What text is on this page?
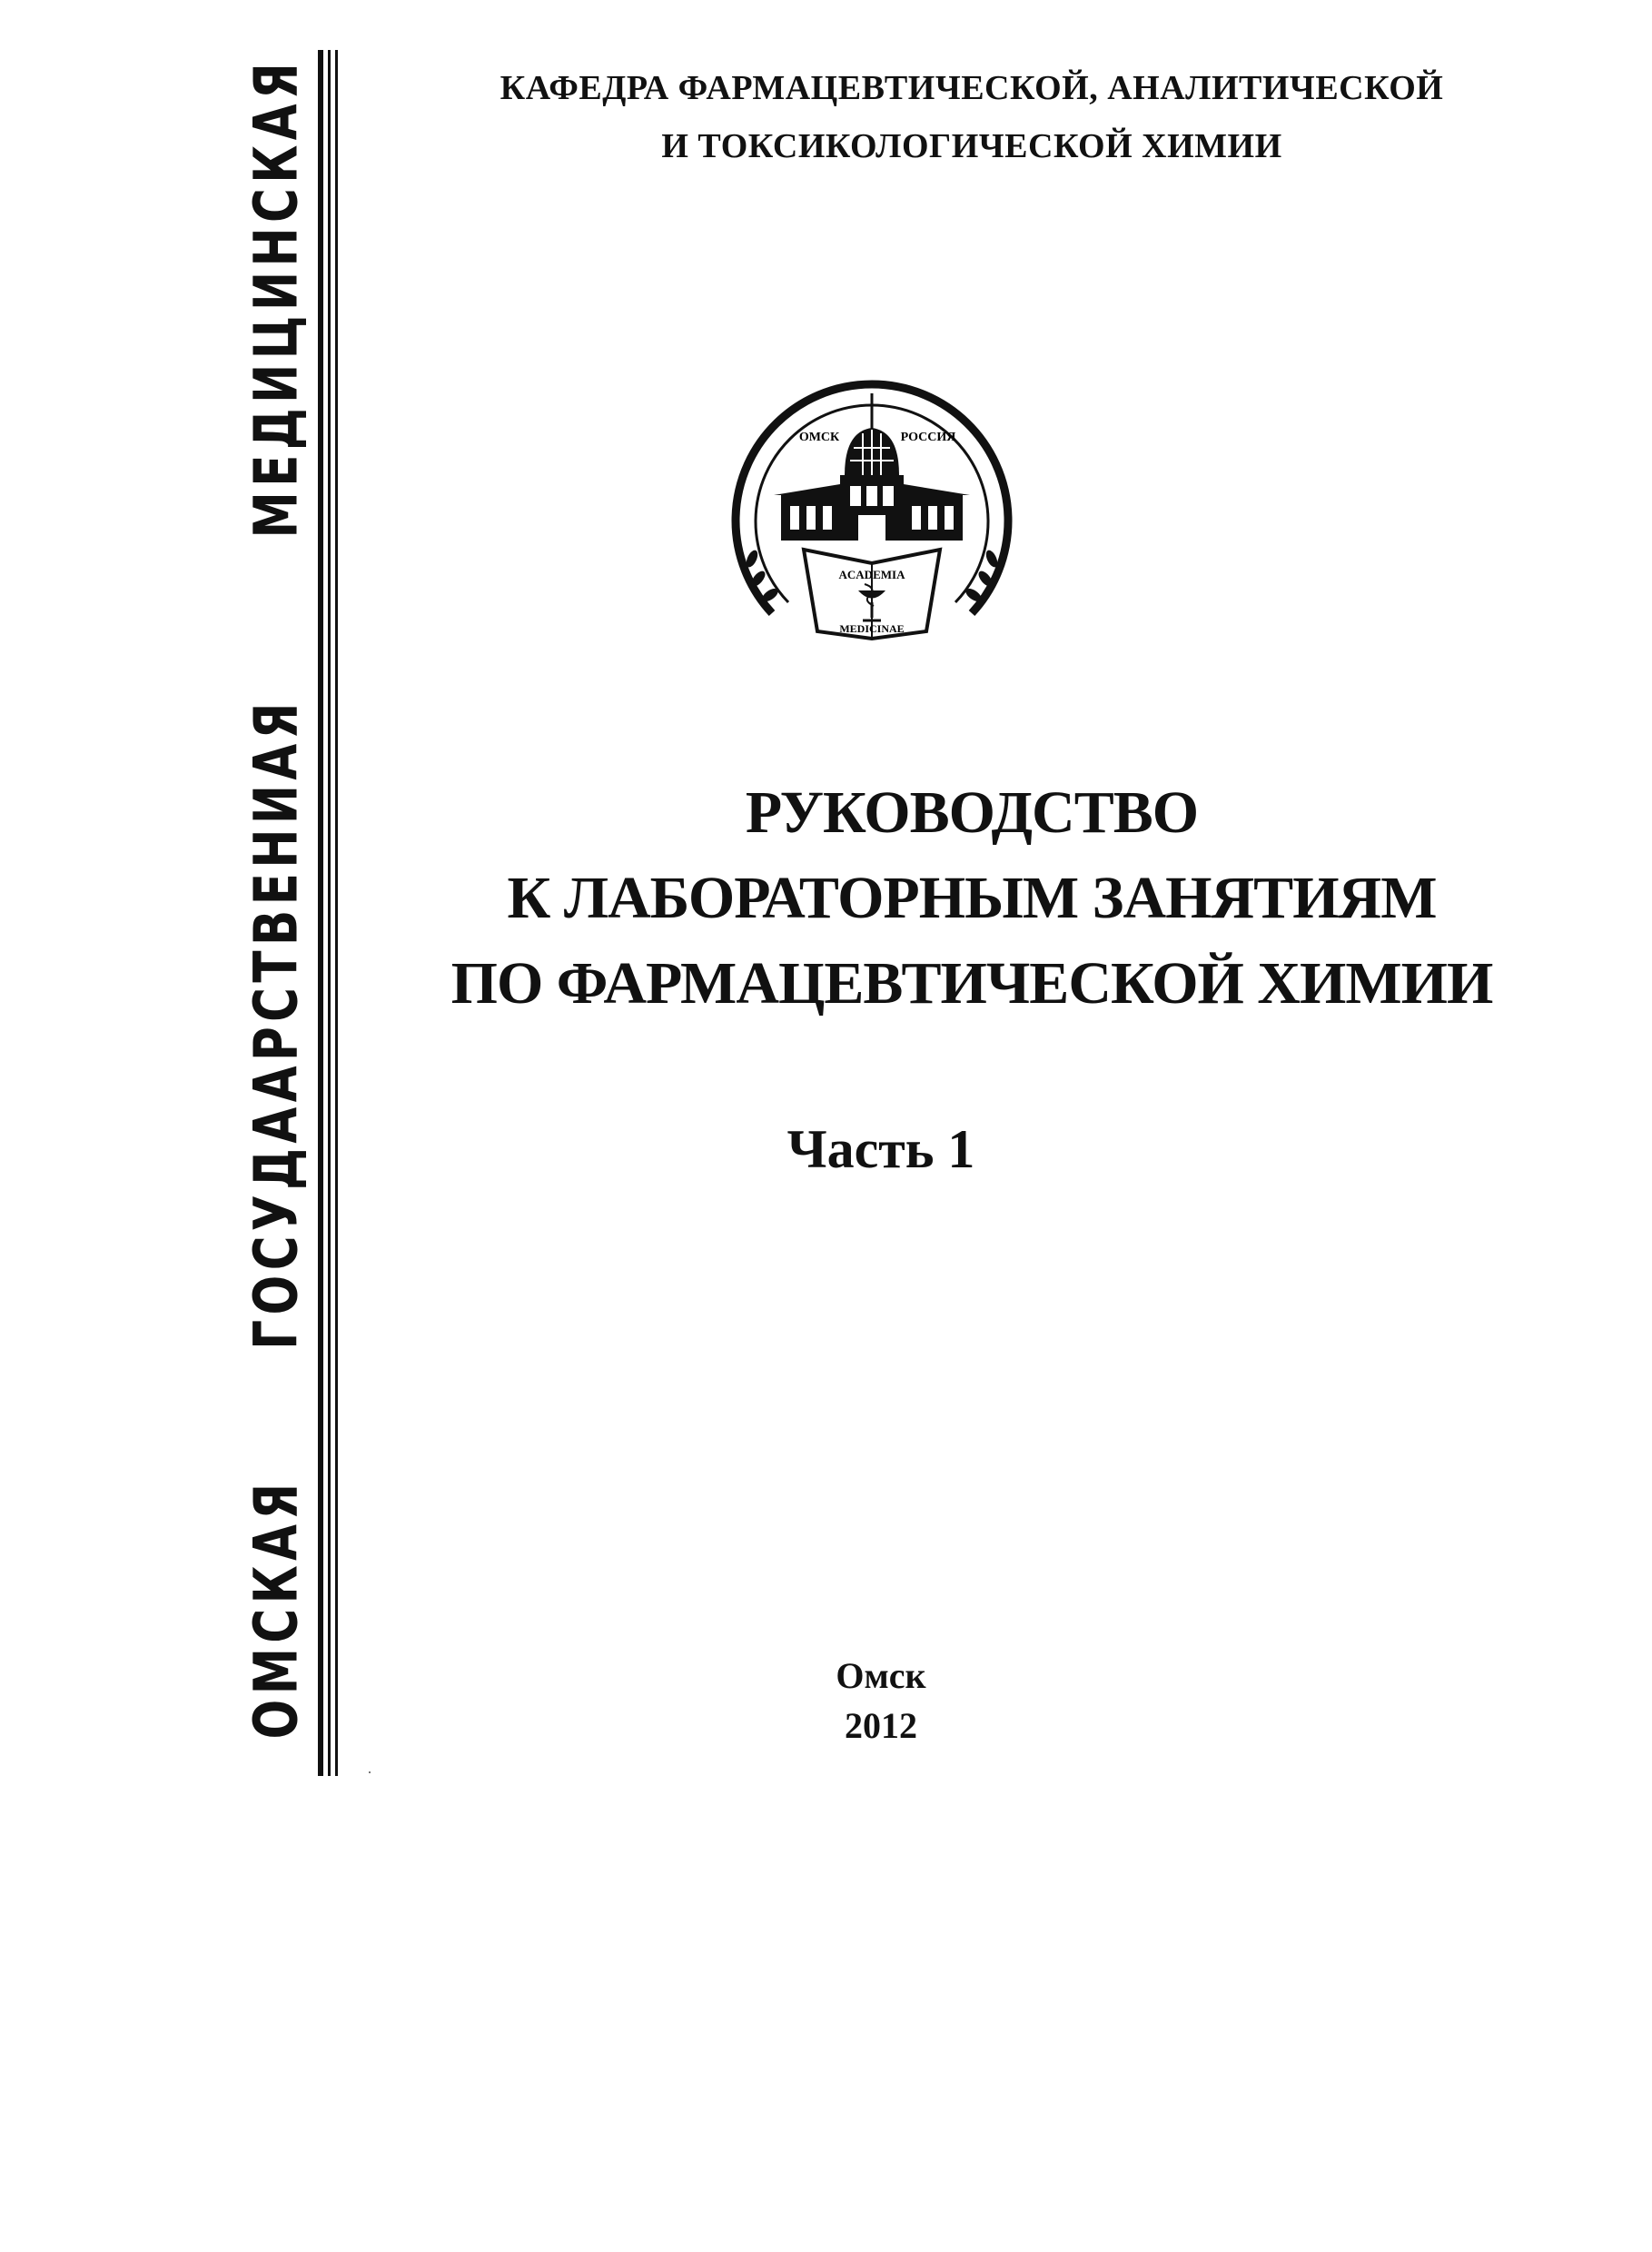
ОМСКАЯ
ГОСУДААРСТВЕНИАЯ
МЕДИЦИНСКАЯ	КАФЕДРА ФАРМАЦЕВТИЧЕСКОЙ, АНАЛИТИЧЕСКОЙ
И ТОКСИКОЛОГИЧЕСКОЙ ХИМИИ
ОМСК	РОССИЯ
ACADEMIA
MEDICINAE
РУКОВОДСТВО
К ЛАБОРАТОРНЫМ ЗАНЯТИЯМ
ПО ФАРМАЦЕВТИЧЕСКОЙ ХИМИИ
Часть 1
Омск
2012
